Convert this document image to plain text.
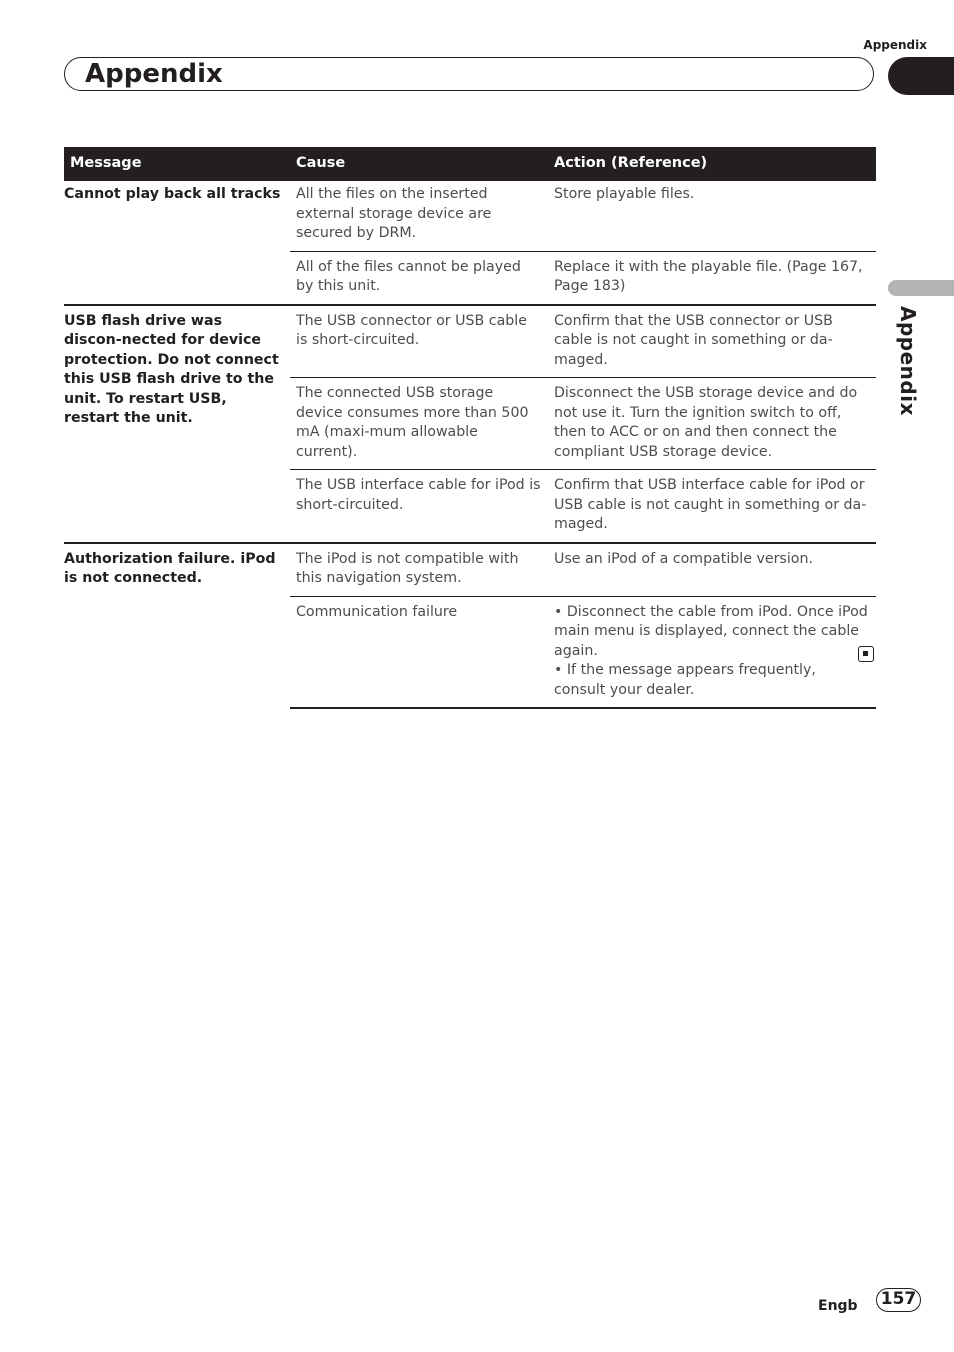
Appendix
Appendix
Appendix
Message	Cause	Action (Reference)
Cannot play back all tracks	All the files on the inserted external storage device are secured by DRM.	Store playable files.
	All of the files cannot be played by this unit.	Replace it with the playable file. (Page 167, Page 183)
USB flash drive was discon-nected for device protection. Do not connect this USB flash drive to the unit. To restart USB, restart the unit.	The USB connector or USB cable is short-circuited.	Confirm that the USB connector or USB cable is not caught in something or da-maged.
	The connected USB storage device consumes more than 500 mA (maxi-mum allowable current).	Disconnect the USB storage device and do not use it. Turn the ignition switch to off, then to ACC or on and then connect the compliant USB storage device.
	The USB interface cable for iPod is short-circuited.	Confirm that USB interface cable for iPod or USB cable is not caught in something or da-maged.
Authorization failure. iPod is not connected.	The iPod is not compatible with this navigation system.	Use an iPod of a compatible version.
	Communication failure	• Disconnect the cable from iPod. Once iPod main menu is displayed, connect the cable again.
• If the message appears frequently, consult your dealer.
Engb 157
